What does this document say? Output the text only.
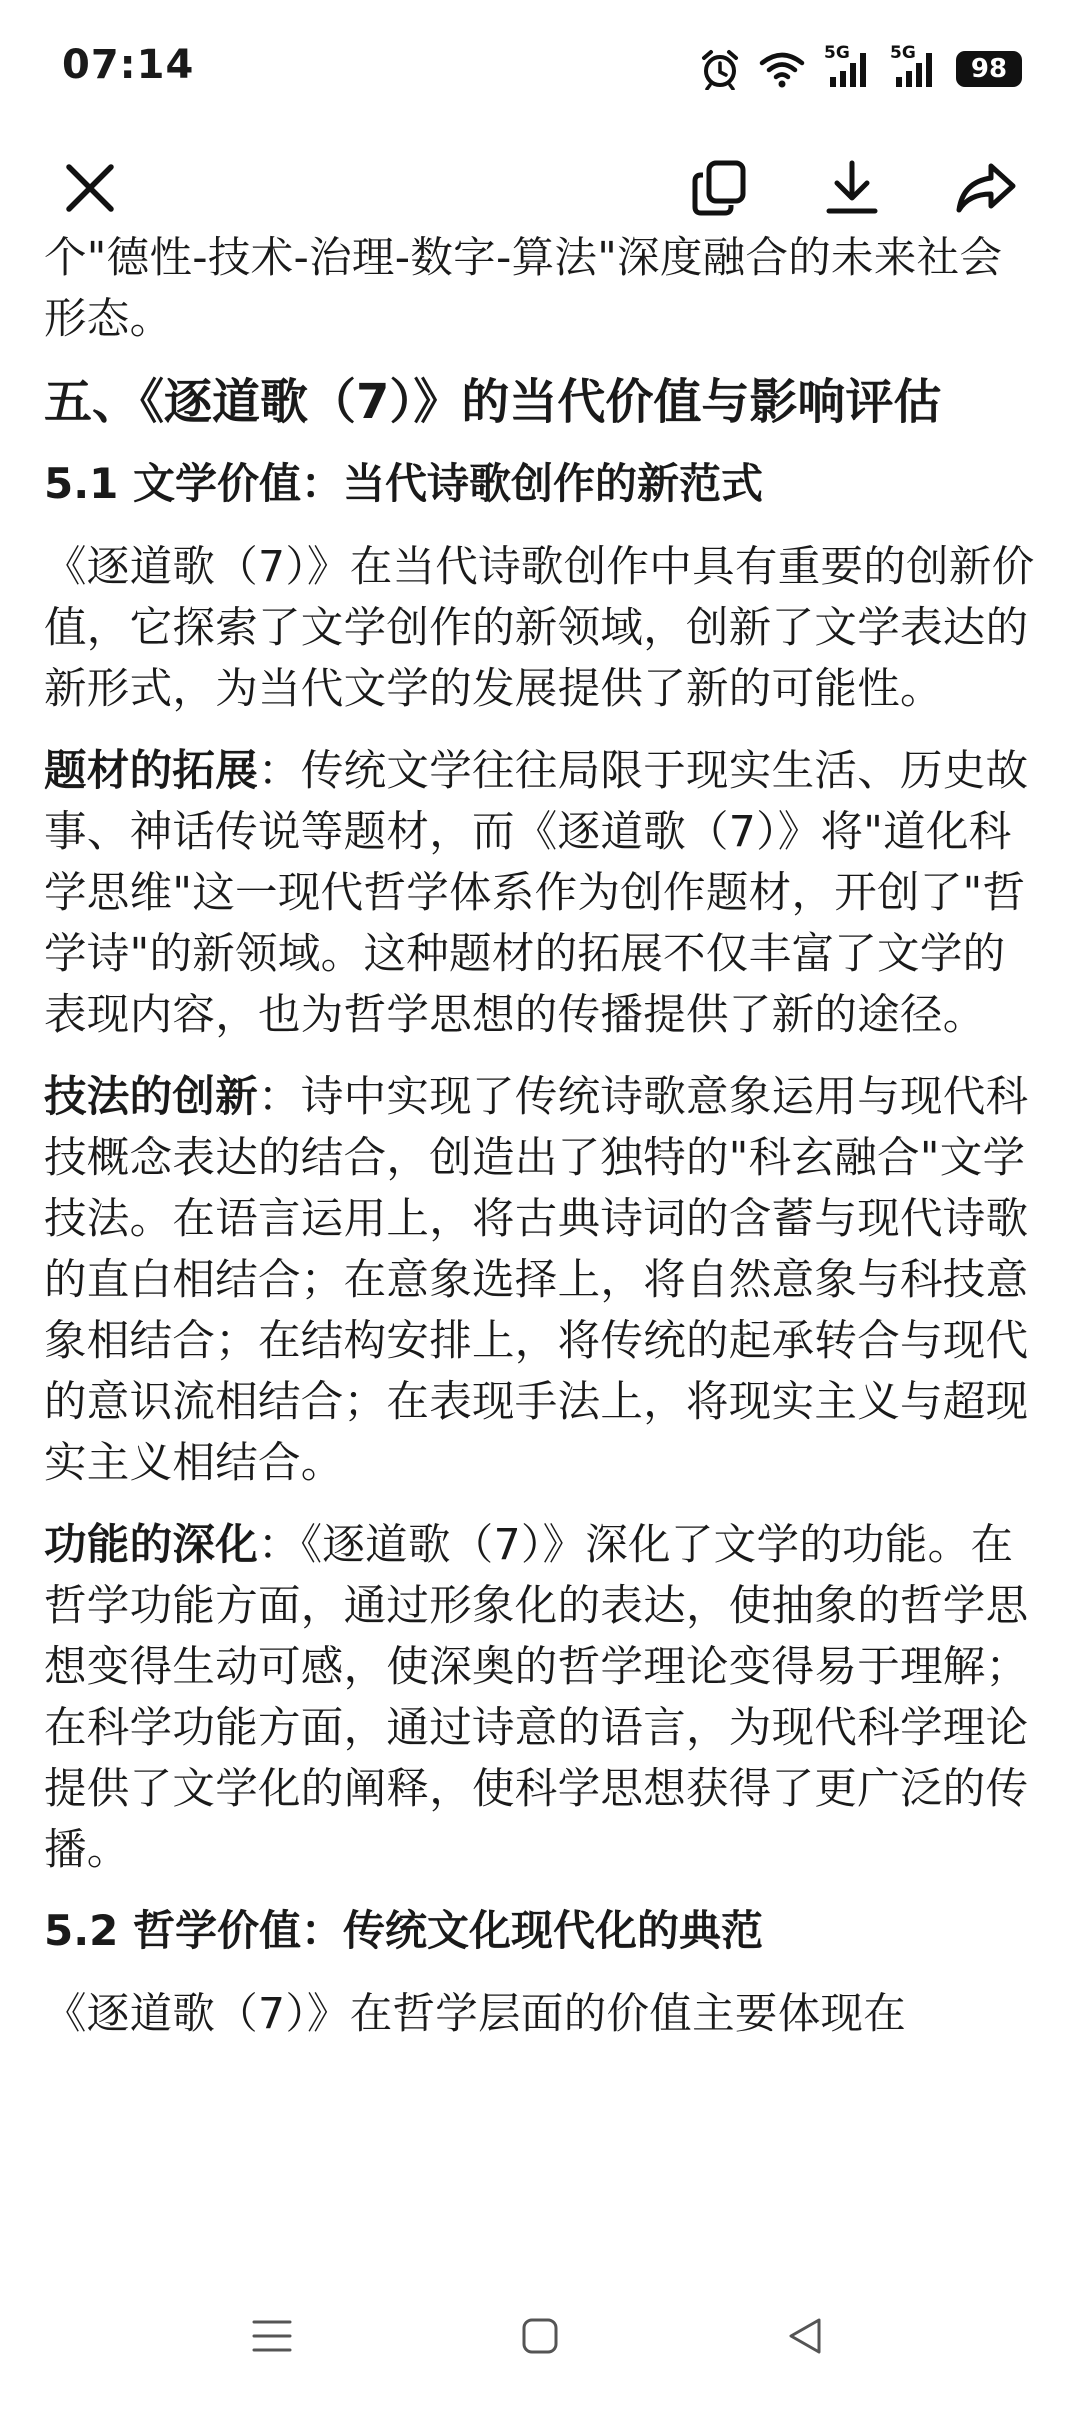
07:14	5G 5G
98

个"德性-技术-治理-数字-算法"深度融合的未来社会形态。

五、《逐道歌（7）》的当代价值与影响评估
5.1 文学价值：当代诗歌创作的新范式

《逐道歌（7）》在当代诗歌创作中具有重要的创新价值，它探索了文学创作的新领域，创新了文学表达的新形式，为当代文学的发展提供了新的可能性。

题材的拓展：传统文学往往局限于现实生活、历史故事、神话传说等题材，而《逐道歌（7）》将"道化科学思维"这一现代哲学体系作为创作题材，开创了"哲学诗"的新领域。这种题材的拓展不仅丰富了文学的表现内容，也为哲学思想的传播提供了新的途径。

技法的创新：诗中实现了传统诗歌意象运用与现代科技概念表达的结合，创造出了独特的"科玄融合"文学技法。在语言运用上，将古典诗词的含蓄与现代诗歌的直白相结合；在意象选择上，将自然意象与科技意象相结合；在结构安排上，将传统的起承转合与现代的意识流相结合；在表现手法上，将现实主义与超现实主义相结合。

功能的深化：《逐道歌（7）》深化了文学的功能。在哲学功能方面，通过形象化的表达，使抽象的哲学思想变得生动可感，使深奥的哲学理论变得易于理解；在科学功能方面，通过诗意的语言，为现代科学理论提供了文学化的阐释，使科学思想获得了更广泛的传播。

5.2 哲学价值：传统文化现代化的典范

《逐道歌（7）》在哲学层面的价值主要体现在
